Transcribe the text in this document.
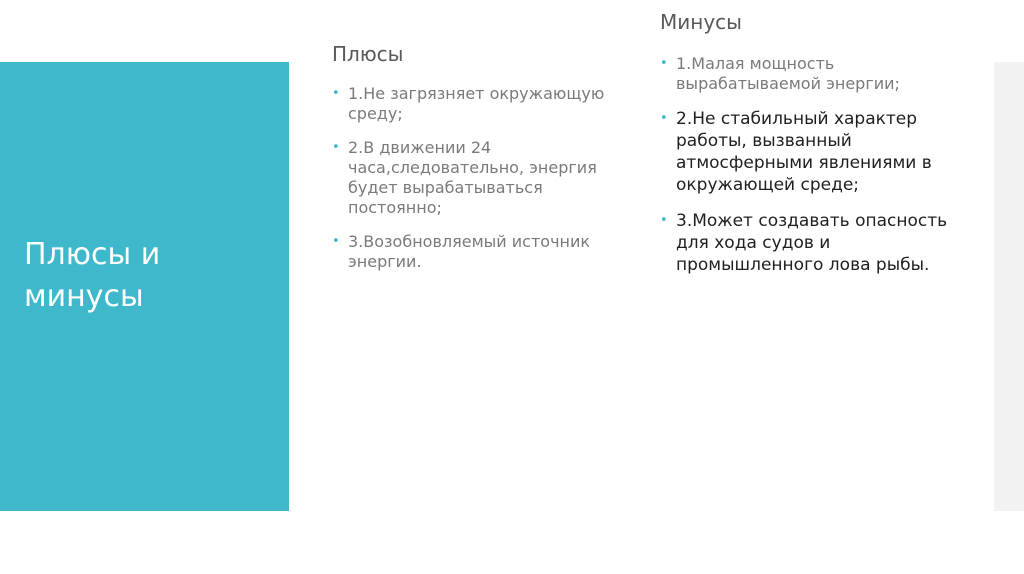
Плюсы и минусы
Плюсы
• 1.Не загрязняет окружающую среду;
• 2.В движении 24 часа,следовательно, энергия будет вырабатываться постоянно;
• 3.Возобновляемый источник энергии.
Минусы
• 1.Малая мощность вырабатываемой энергии;
• 2.Не стабильный характер работы, вызванный атмосферными явлениями в окружающей среде;
• 3.Может создавать опасность для хода судов и промышленного лова рыбы.
